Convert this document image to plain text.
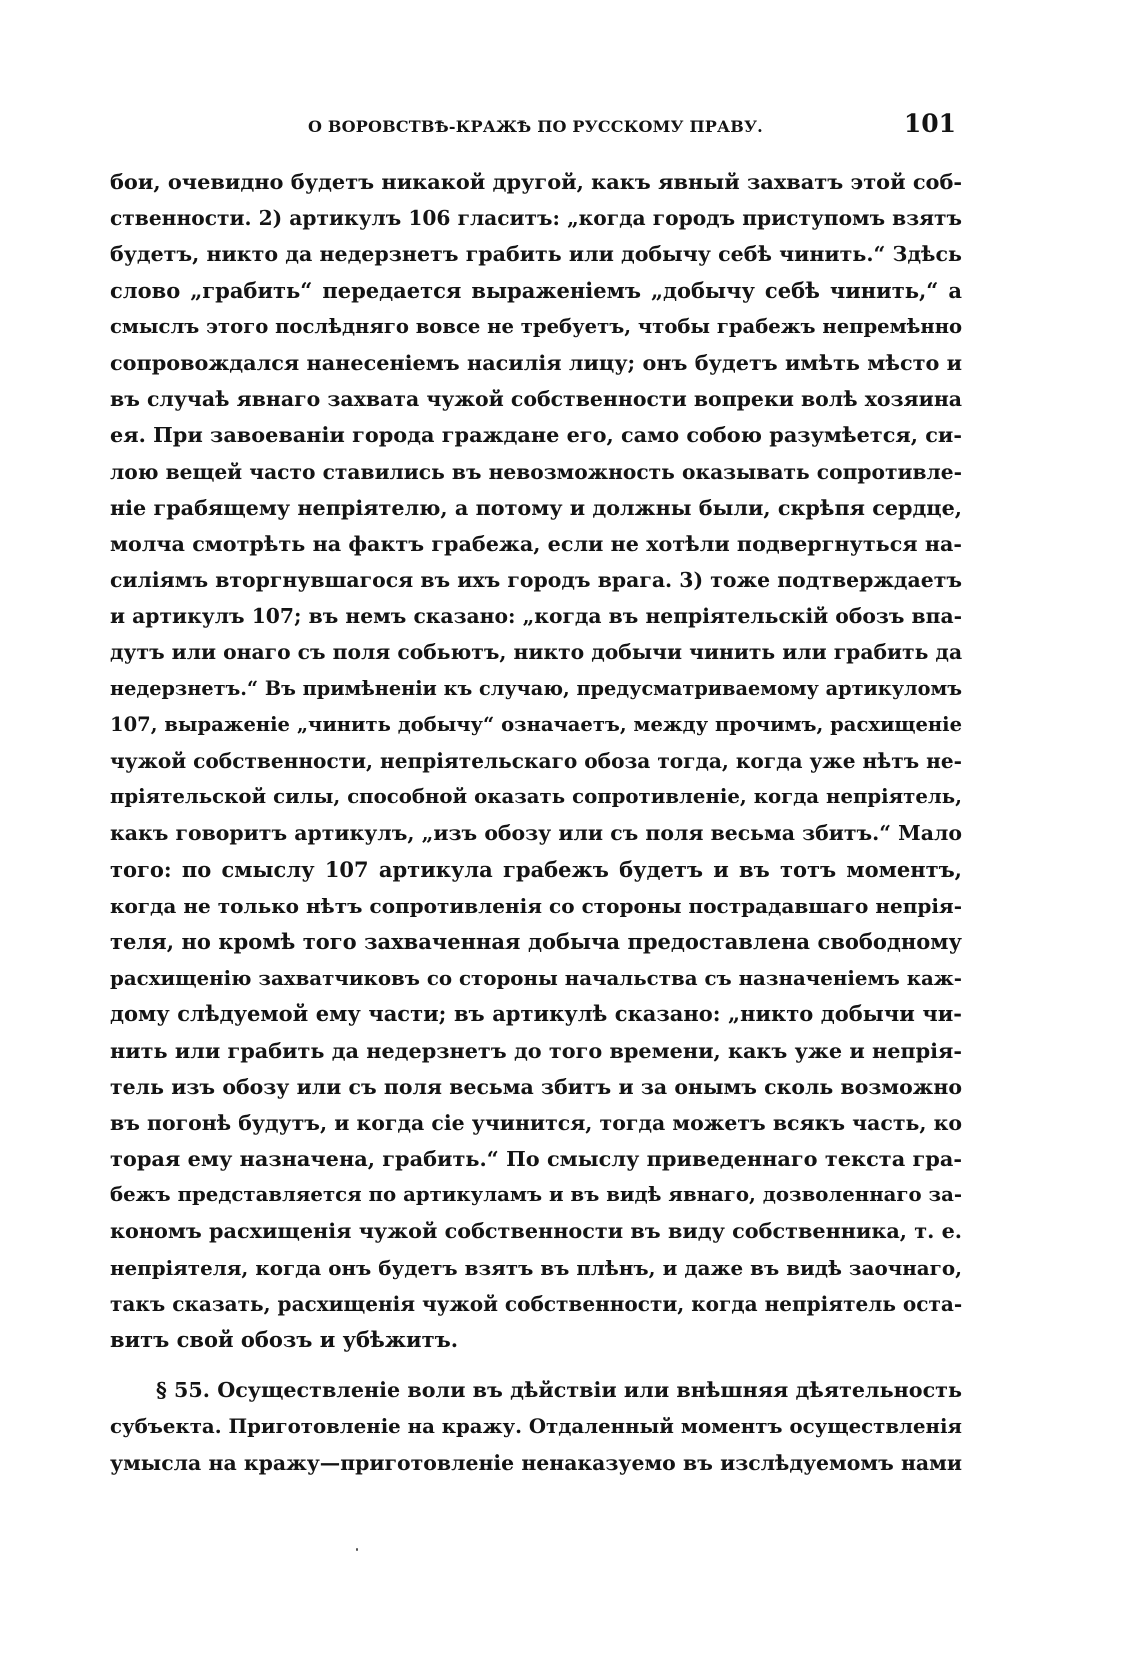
О ВОРОВСТВѢ-КРАЖѢ ПО РУССКОМУ ПРАВУ.	101
бои, очевидно будетъ никакой другой, какъ явный захватъ этой соб-
ственности. 2) артикулъ 106 гласитъ: „когда городъ приступомъ взятъ
будетъ, никто да недерзнетъ грабить или добычу себѣ чинить.“ Здѣсь
слово „грабить“ передается выраженіемъ „добычу себѣ чинить,“ а
смыслъ этого послѣдняго вовсе не требуетъ, чтобы грабежъ непремѣнно
сопровождался нанесеніемъ насилія лицу; онъ будетъ имѣть мѣсто и
въ случаѣ явнаго захвата чужой собственности вопреки волѣ хозяина
ея. При завоеваніи города граждане его, само собою разумѣется, си-
лою вещей часто ставились въ невозможность оказывать сопротивле-
ніе грабящему непріятелю, а потому и должны были, скрѣпя сердце,
молча смотрѣть на фактъ грабежа, если не хотѣли подвергнуться на-
силіямъ вторгнувшагося въ ихъ городъ врага. 3) тоже подтверждаетъ
и артикулъ 107; въ немъ сказано: „когда въ непріятельскій обозъ впа-
дутъ или онаго съ поля собьютъ, никто добычи чинить или грабить да
недерзнетъ.“ Въ примѣненіи къ случаю, предусматриваемому артикуломъ
107, выраженіе „чинить добычу“ означаетъ, между прочимъ, расхищеніе
чужой собственности, непріятельскаго обоза тогда, когда уже нѣтъ не-
пріятельской силы, способной оказать сопротивленіе, когда непріятель,
какъ говоритъ артикулъ, „изъ обозу или съ поля весьма збитъ.“ Мало
того: по смыслу 107 артикула грабежъ будетъ и въ тотъ моментъ,
когда не только нѣтъ сопротивленія со стороны пострадавшаго непрія-
теля, но кромѣ того захваченная добыча предоставлена свободному
расхищенію захватчиковъ со стороны начальства съ назначеніемъ каж-
дому слѣдуемой ему части; въ артикулѣ сказано: „никто добычи чи-
нить или грабить да недерзнетъ до того времени, какъ уже и непрія-
тель изъ обозу или съ поля весьма збитъ и за онымъ сколь возможно
въ погонѣ будутъ, и когда сіе учинится, тогда можетъ всякъ часть, ко
торая ему назначена, грабить.“ По смыслу приведеннаго текста гра-
бежъ представляется по артикуламъ и въ видѣ явнаго, дозволеннаго за-
кономъ расхищенія чужой собственности въ виду собственника, т. е.
непріятеля, когда онъ будетъ взятъ въ плѣнъ, и даже въ видѣ заочнаго,
такъ сказать, расхищенія чужой собственности, когда непріятель оста-
витъ свой обозъ и убѣжитъ.
§ 55. Осуществленіе воли въ дѣйствіи или внѣшняя дѣятельность
субъекта. Приготовленіе на кражу. Отдаленный моментъ осуществленія
умысла на кражу—приготовленіе ненаказуемо въ изслѣдуемомъ нами
